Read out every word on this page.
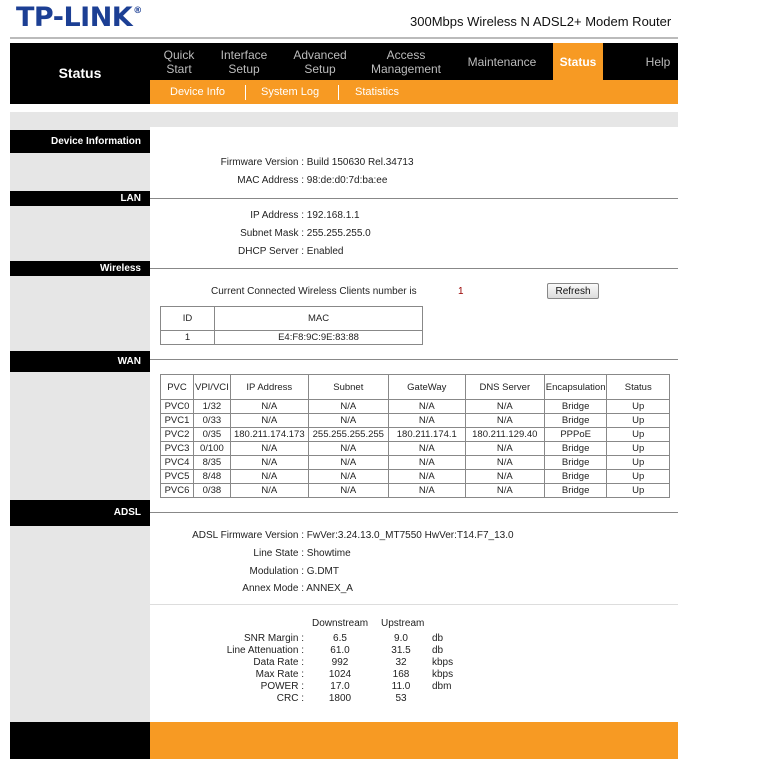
TP-LINK®
300Mbps Wireless N ADSL2+ Modem Router
Status
Quick
Start
Interface
Setup
Advanced
Setup
Access
Management Maintenance Status	Help
Device Info	System Log	Statistics
Device Information
Firmware Version : Build 150630 Rel.34713
MAC Address : 98:de:d0:7d:ba:ee
LAN
IP Address : 192.168.1.1
Subnet Mask : 255.255.255.0
DHCP Server : Enabled
Wireless
Current Connected Wireless Clients number is	1	Refresh
ID	MAC
1	E4:F8:9C:9E:83:88
WAN
PVC	VPI/VCI	IP Address	Subnet	GateWay	DNS Server	Encapsulation	Status
PVC0	1/32	N/A	N/A	N/A	N/A	Bridge	Up
PVC1	0/33	N/A	N/A	N/A	N/A	Bridge	Up
PVC2	0/35	180.211.174.173	255.255.255.255	180.211.174.1	180.211.129.40	PPPoE	Up
PVC3	0/100	N/A	N/A	N/A	N/A	Bridge	Up
PVC4	8/35	N/A	N/A	N/A	N/A	Bridge	Up
PVC5	8/48	N/A	N/A	N/A	N/A	Bridge	Up
PVC6	0/38	N/A	N/A	N/A	N/A	Bridge	Up
ADSL
ADSL Firmware Version : FwVer:3.24.13.0_MT7550 HwVer:T14.F7_13.0
Line State : Showtime
Modulation : G.DMT
Annex Mode : ANNEX_A
Downstream Upstream
SNR Margin :	6.5	9.0	db
Line Attenuation :	61.0	31.5	db
Data Rate :	992	32	kbps
Max Rate :	1024	168	kbps
POWER :	17.0	11.0	dbm
CRC :	1800	53
